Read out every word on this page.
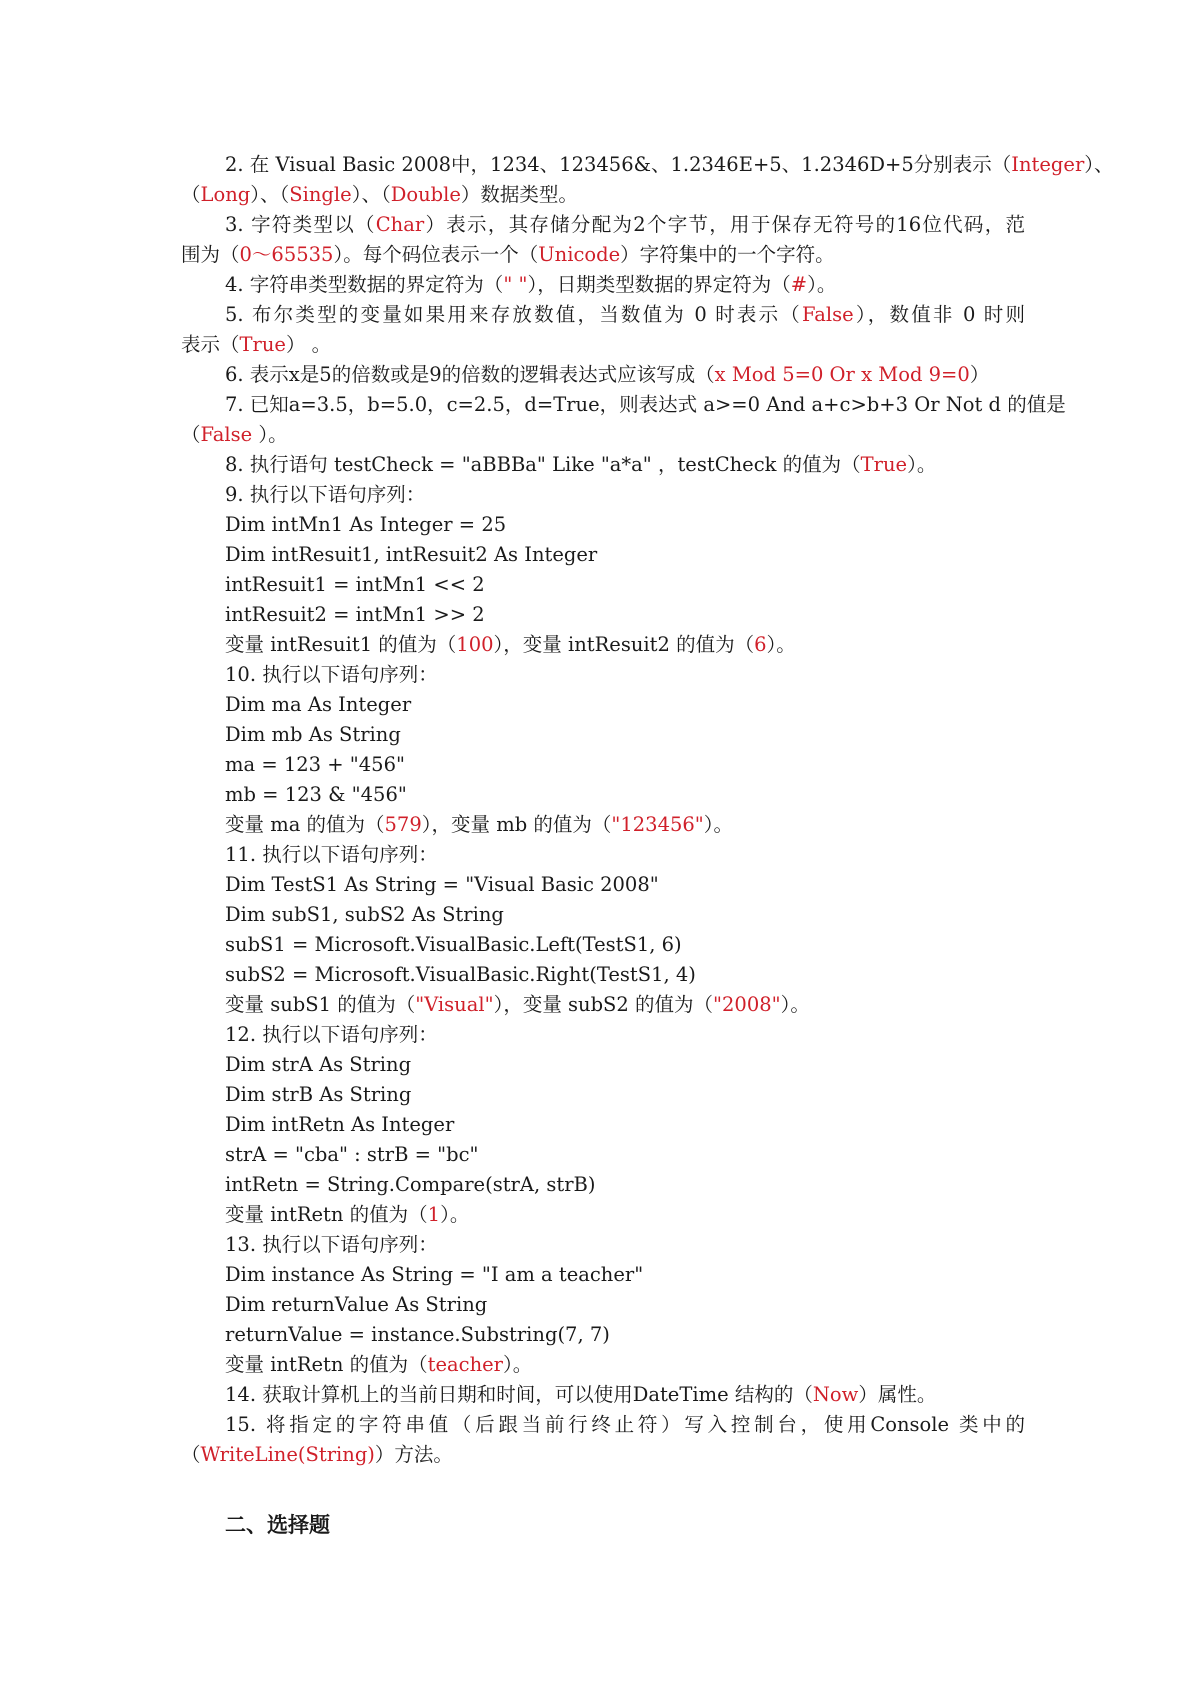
2. 在 Visual Basic 2008中，1234、123456&、1.2346E+5、1.2346D+5分别表示（Integer）、
（Long）、（Single）、（Double）数据类型。
3. 字符类型以（Char）表示，其存储分配为2个字节，用于保存无符号的16位代码，范
围为（0～65535）。每个码位表示一个（Unicode）字符集中的一个字符。
4. 字符串类型数据的界定符为（" "），日期类型数据的界定符为（#）。
5. 布尔类型的变量如果用来存放数值，当数值为 0 时表示（False），数值非 0 时则
表示（True） 。
6. 表示x是5的倍数或是9的倍数的逻辑表达式应该写成（x Mod 5=0 Or x Mod 9=0）
7. 已知a=3.5，b=5.0，c=2.5，d=True，则表达式 a>=0 And a+c>b+3 Or Not d 的值是
（False ）。
8. 执行语句 testCheck = "aBBBa" Like "a*a" ，testCheck 的值为（True）。
9. 执行以下语句序列：
Dim intMn1 As Integer = 25
Dim intResuit1, intResuit2 As Integer
intResuit1 = intMn1 << 2
intResuit2 = intMn1 >> 2
变量 intResuit1 的值为（100），变量 intResuit2 的值为（6）。
10. 执行以下语句序列：
Dim ma As Integer
Dim mb As String
ma = 123 + "456"
mb = 123 & "456"
变量 ma 的值为（579），变量 mb 的值为（"123456"）。
11. 执行以下语句序列：
Dim TestS1 As String = "Visual Basic 2008"
Dim subS1, subS2 As String
subS1 = Microsoft.VisualBasic.Left(TestS1, 6)
subS2 = Microsoft.VisualBasic.Right(TestS1, 4)
变量 subS1 的值为（"Visual"），变量 subS2 的值为（"2008"）。
12. 执行以下语句序列：
Dim strA As String
Dim strB As String
Dim intRetn As Integer
strA = "cba" : strB = "bc"
intRetn = String.Compare(strA, strB)
变量 intRetn 的值为（1）。
13. 执行以下语句序列：
Dim instance As String = "I am a teacher"
Dim returnValue As String
returnValue = instance.Substring(7, 7)
变量 intRetn 的值为（teacher）。
14. 获取计算机上的当前日期和时间，可以使用DateTime 结构的（Now）属性。
15. 将指定的字符串值（后跟当前行终止符）写入控制台，使用Console 类中的
（WriteLine(String)）方法。
二、选择题
